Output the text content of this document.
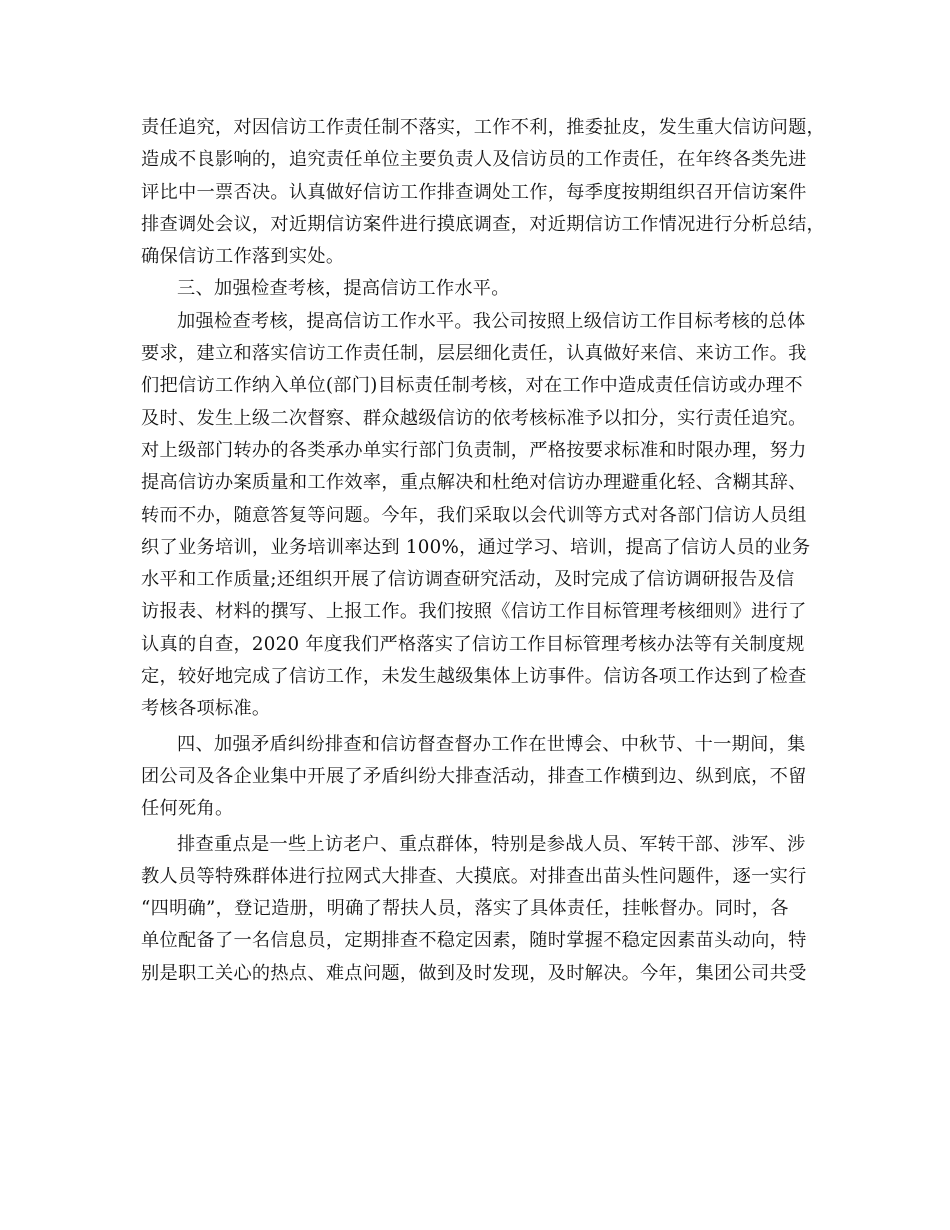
责任追究，对因信访工作责任制不落实，工作不利，推委扯皮，发生重大信访问题，
造成不良影响的，追究责任单位主要负责人及信访员的工作责任，在年终各类先进
评比中一票否决。认真做好信访工作排查调处工作，每季度按期组织召开信访案件
排查调处会议，对近期信访案件进行摸底调查，对近期信访工作情况进行分析总结，
确保信访工作落到实处。
三、加强检查考核，提高信访工作水平。
加强检查考核，提高信访工作水平。我公司按照上级信访工作目标考核的总体
要求，建立和落实信访工作责任制，层层细化责任，认真做好来信、来访工作。我
们把信访工作纳入单位(部门)目标责任制考核，对在工作中造成责任信访或办理不
及时、发生上级二次督察、群众越级信访的依考核标准予以扣分，实行责任追究。
对上级部门转办的各类承办单实行部门负责制，严格按要求标准和时限办理，努力
提高信访办案质量和工作效率，重点解决和杜绝对信访办理避重化轻、含糊其辞、
转而不办，随意答复等问题。今年，我们采取以会代训等方式对各部门信访人员组
织了业务培训，业务培训率达到 100%，通过学习、培训，提高了信访人员的业务
水平和工作质量;还组织开展了信访调查研究活动，及时完成了信访调研报告及信
访报表、材料的撰写、上报工作。我们按照《信访工作目标管理考核细则》进行了
认真的自查，2020 年度我们严格落实了信访工作目标管理考核办法等有关制度规
定，较好地完成了信访工作，未发生越级集体上访事件。信访各项工作达到了检查
考核各项标准。
四、加强矛盾纠纷排查和信访督查督办工作在世博会、中秋节、十一期间，集
团公司及各企业集中开展了矛盾纠纷大排查活动，排查工作横到边、纵到底，不留
任何死角。
排查重点是一些上访老户、重点群体，特别是参战人员、军转干部、涉军、涉
教人员等特殊群体进行拉网式大排查、大摸底。对排查出苗头性问题件，逐一实行
“四明确”，登记造册，明确了帮扶人员，落实了具体责任，挂帐督办。同时，各
单位配备了一名信息员，定期排查不稳定因素，随时掌握不稳定因素苗头动向，特
别是职工关心的热点、难点问题，做到及时发现，及时解决。今年，集团公司共受
